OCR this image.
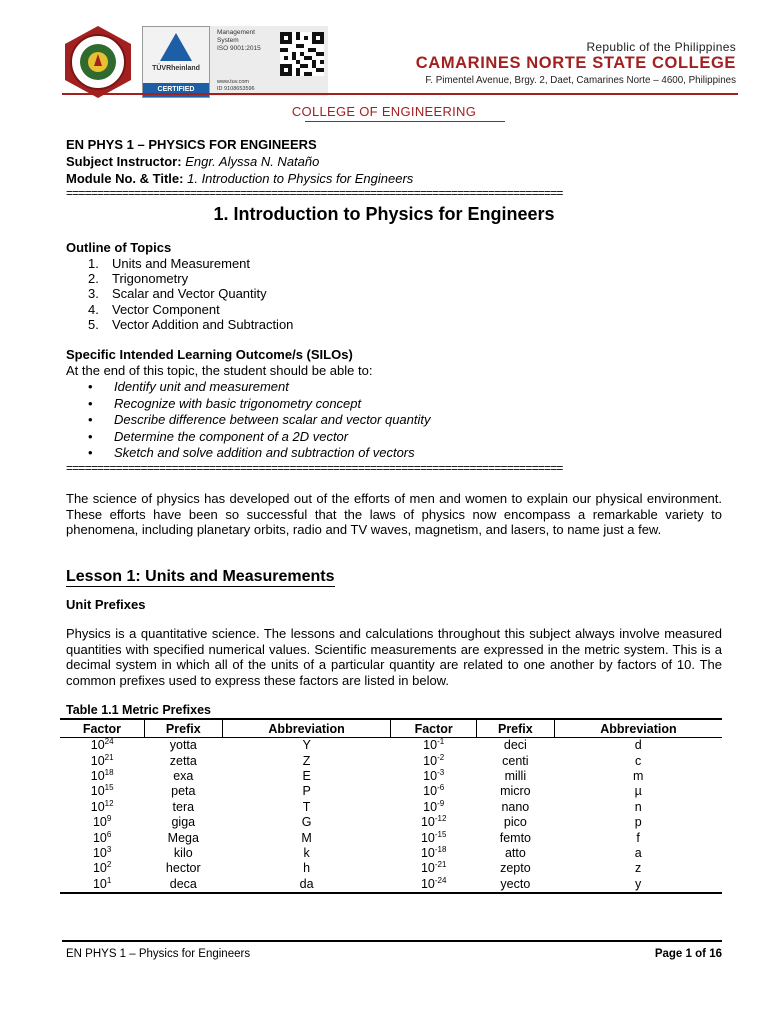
TÜVRheinland
CERTIFIED
Management
System
ISO 9001:2015
www.tuv.com
ID 9108653596
Republic of the Philippines
CAMARINES NORTE STATE COLLEGE
F. Pimentel Avenue, Brgy. 2, Daet, Camarines Norte – 4600, Philippines
COLLEGE OF ENGINEERING
EN PHYS 1 – PHYSICS FOR ENGINEERS
Subject Instructor: Engr. Alyssa N. Nataño
Module No. & Title: 1. Introduction to Physics for Engineers
================================================================================
1. Introduction to Physics for Engineers
Outline of Topics
1.	Units and Measurement
2.	Trigonometry
3.	Scalar and Vector Quantity
4.	Vector Component
5.	Vector Addition and Subtraction
Specific Intended Learning Outcome/s (SILOs)
At the end of this topic, the student should be able to:
• Identify unit and measurement
• Recognize with basic trigonometry concept
• Describe difference between scalar and vector quantity
• Determine the component of a 2D vector
• Sketch and solve addition and subtraction of vectors
================================================================================
The science of physics has developed out of the efforts of men and women to explain our physical environment. These efforts have been so successful that the laws of physics now encompass a remarkable variety to phenomena, including planetary orbits, radio and TV waves, magnetism, and lasers, to name just a few.
Lesson 1: Units and Measurements
Unit Prefixes
Physics is a quantitative science. The lessons and calculations throughout this subject always involve measured quantities with specified numerical values. Scientific measurements are expressed in the metric system. This is a decimal system in which all of the units of a particular quantity are related to one another by factors of 10. The common prefixes used to express these factors are listed in below.
Table 1.1 Metric Prefixes
Factor	Prefix	Abbreviation	Factor	Prefix	Abbreviation
$10^{24}$	yotta	Y	$10^{-1}$	deci	d
$10^{21}$	zetta	Z	$10^{-2}$	centi	c
$10^{18}$	exa	E	$10^{-3}$	milli	m
$10^{15}$	peta	P	$10^{-6}$	micro	µ
$10^{12}$	tera	T	$10^{-9}$	nano	n
$10^9$	giga	G	$10^{-12}$	pico	p
$10^6$	Mega	M	$10^{-15}$	femto	f
$10^3$	kilo	k	$10^{-18}$	atto	a
$10^2$	hector	h	$10^{-21}$	zepto	z
$10^1$	deca	da	$10^{-24}$	yecto	y
EN PHYS 1 – Physics for Engineers	Page 1 of 16
